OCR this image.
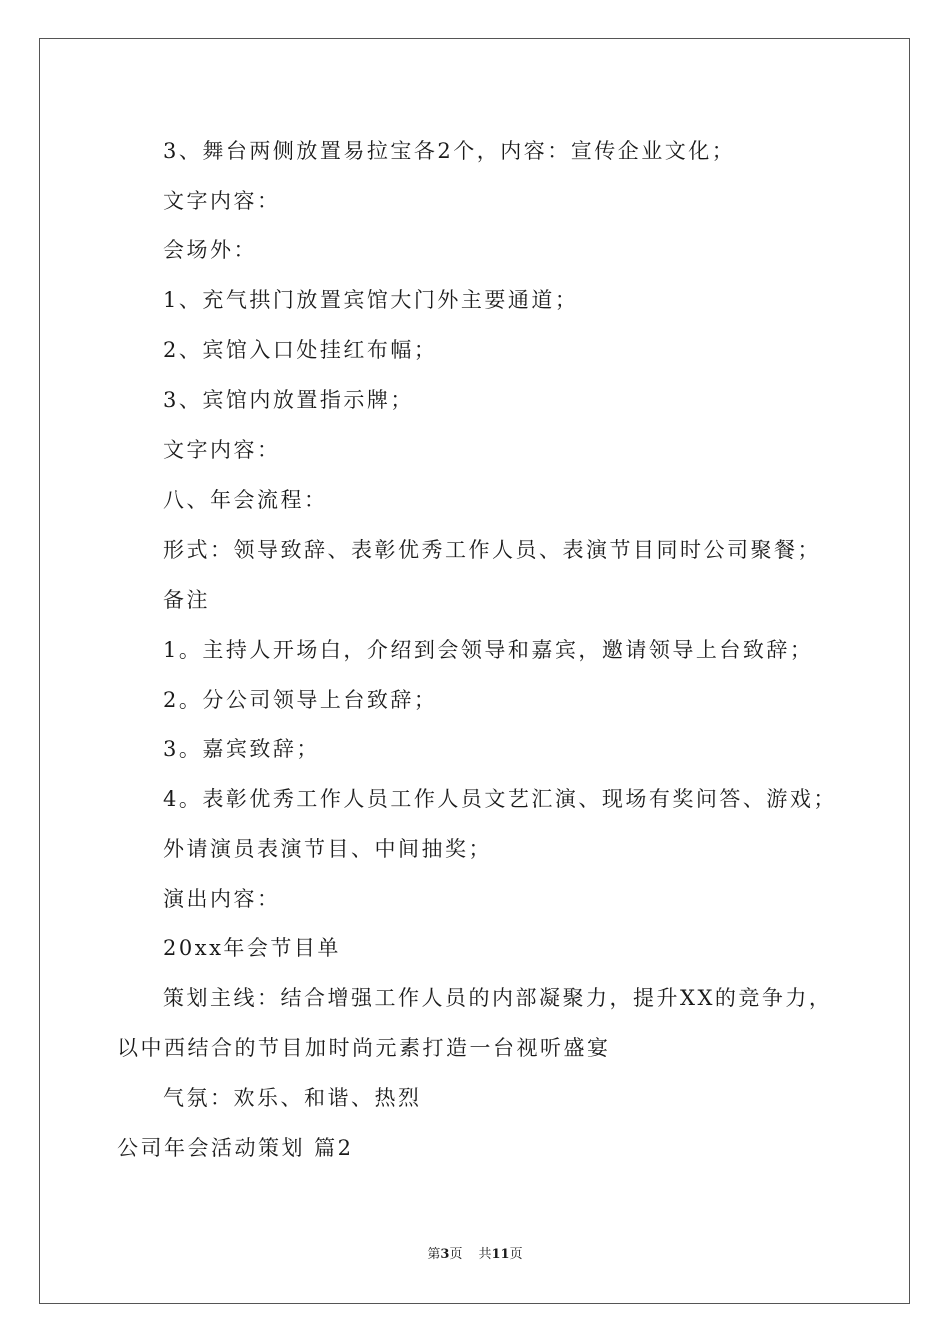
3、舞台两侧放置易拉宝各2个，内容：宣传企业文化；
文字内容：
会场外：
1、充气拱门放置宾馆大门外主要通道；
2、宾馆入口处挂红布幅；
3、宾馆内放置指示牌；
文字内容：
八、年会流程：
形式：领导致辞、表彰优秀工作人员、表演节目同时公司聚餐；
备注
1。主持人开场白，介绍到会领导和嘉宾，邀请领导上台致辞；
2。分公司领导上台致辞；
3。嘉宾致辞；
4。表彰优秀工作人员工作人员文艺汇演、现场有奖问答、游戏；
外请演员表演节目、中间抽奖；
演出内容：
20xx年会节目单
策划主线：结合增强工作人员的内部凝聚力，提升XX的竞争力，
以中西结合的节目加时尚元素打造一台视听盛宴
气氛：欢乐、和谐、热烈
公司年会活动策划 篇2
第3页 共11页
